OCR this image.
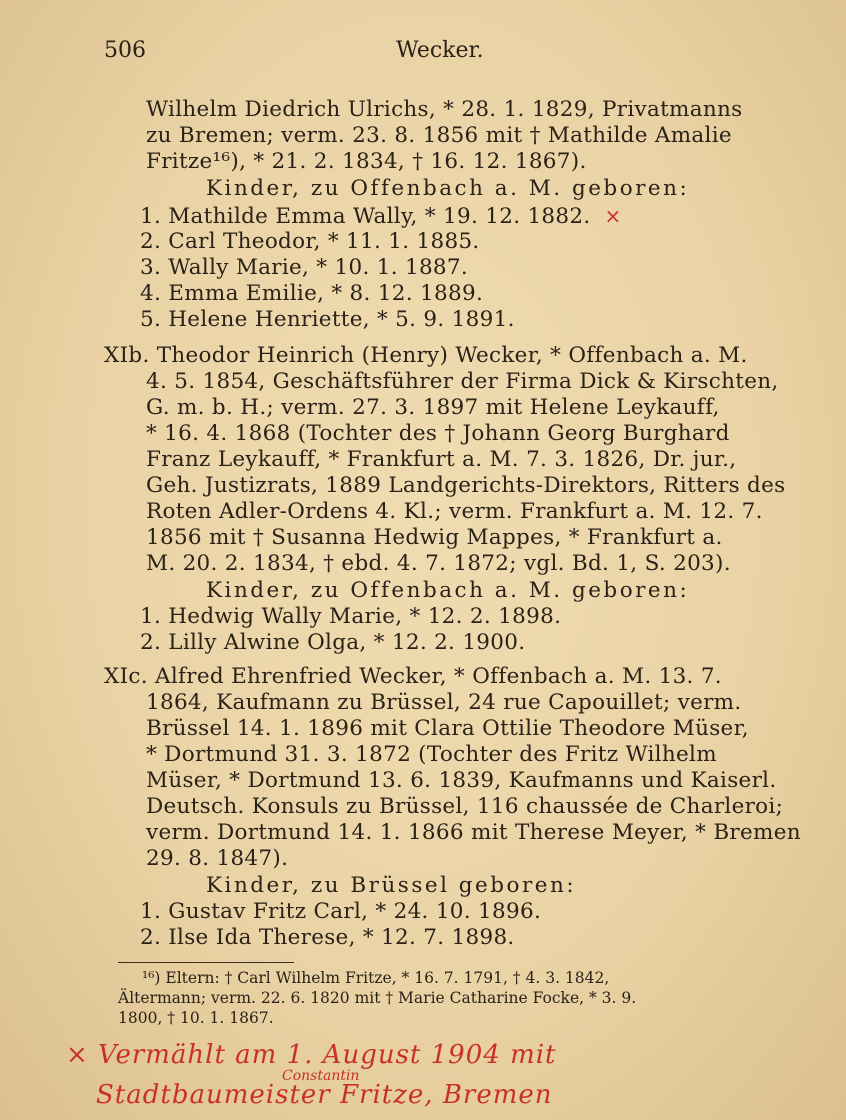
506	Wecker.
Wilhelm Diedrich Ulrichs, * 28. 1. 1829, Privatmanns
zu Bremen; verm. 23. 8. 1856 mit † Mathilde Amalie
Fritze¹⁶), * 21. 2. 1834, † 16. 12. 1867).
Kinder, zu Offenbach a. M. geboren:
1. Mathilde Emma Wally, * 19. 12. 1882. ×
2. Carl Theodor, * 11. 1. 1885.
3. Wally Marie, * 10. 1. 1887.
4. Emma Emilie, * 8. 12. 1889.
5. Helene Henriette, * 5. 9. 1891.
XIb. Theodor Heinrich (Henry) Wecker, * Offenbach a. M.
4. 5. 1854, Geschäftsführer der Firma Dick & Kirschten,
G. m. b. H.; verm. 27. 3. 1897 mit Helene Leykauff,
* 16. 4. 1868 (Tochter des † Johann Georg Burghard
Franz Leykauff, * Frankfurt a. M. 7. 3. 1826, Dr. jur.,
Geh. Justizrats, 1889 Landgerichts-Direktors, Ritters des
Roten Adler-Ordens 4. Kl.; verm. Frankfurt a. M. 12. 7.
1856 mit † Susanna Hedwig Mappes, * Frankfurt a.
M. 20. 2. 1834, † ebd. 4. 7. 1872; vgl. Bd. 1, S. 203).
Kinder, zu Offenbach a. M. geboren:
1. Hedwig Wally Marie, * 12. 2. 1898.
2. Lilly Alwine Olga, * 12. 2. 1900.
XIc. Alfred Ehrenfried Wecker, * Offenbach a. M. 13. 7.
1864, Kaufmann zu Brüssel, 24 rue Capouillet; verm.
Brüssel 14. 1. 1896 mit Clara Ottilie Theodore Müser,
* Dortmund 31. 3. 1872 (Tochter des Fritz Wilhelm
Müser, * Dortmund 13. 6. 1839, Kaufmanns und Kaiserl.
Deutsch. Konsuls zu Brüssel, 116 chaussée de Charleroi;
verm. Dortmund 14. 1. 1866 mit Therese Meyer, * Bremen
29. 8. 1847).
Kinder, zu Brüssel geboren:
1. Gustav Fritz Carl, * 24. 10. 1896.
2. Ilse Ida Therese, * 12. 7. 1898.
¹⁶) Eltern: † Carl Wilhelm Fritze, * 16. 7. 1791, † 4. 3. 1842,
Ältermann; verm. 22. 6. 1820 mit † Marie Catharine Focke, * 3. 9.
1800, † 10. 1. 1867.
× Vermählt am 1. August 1904 mit
Constantin
Stadtbaumeister Fritze, Bremen
